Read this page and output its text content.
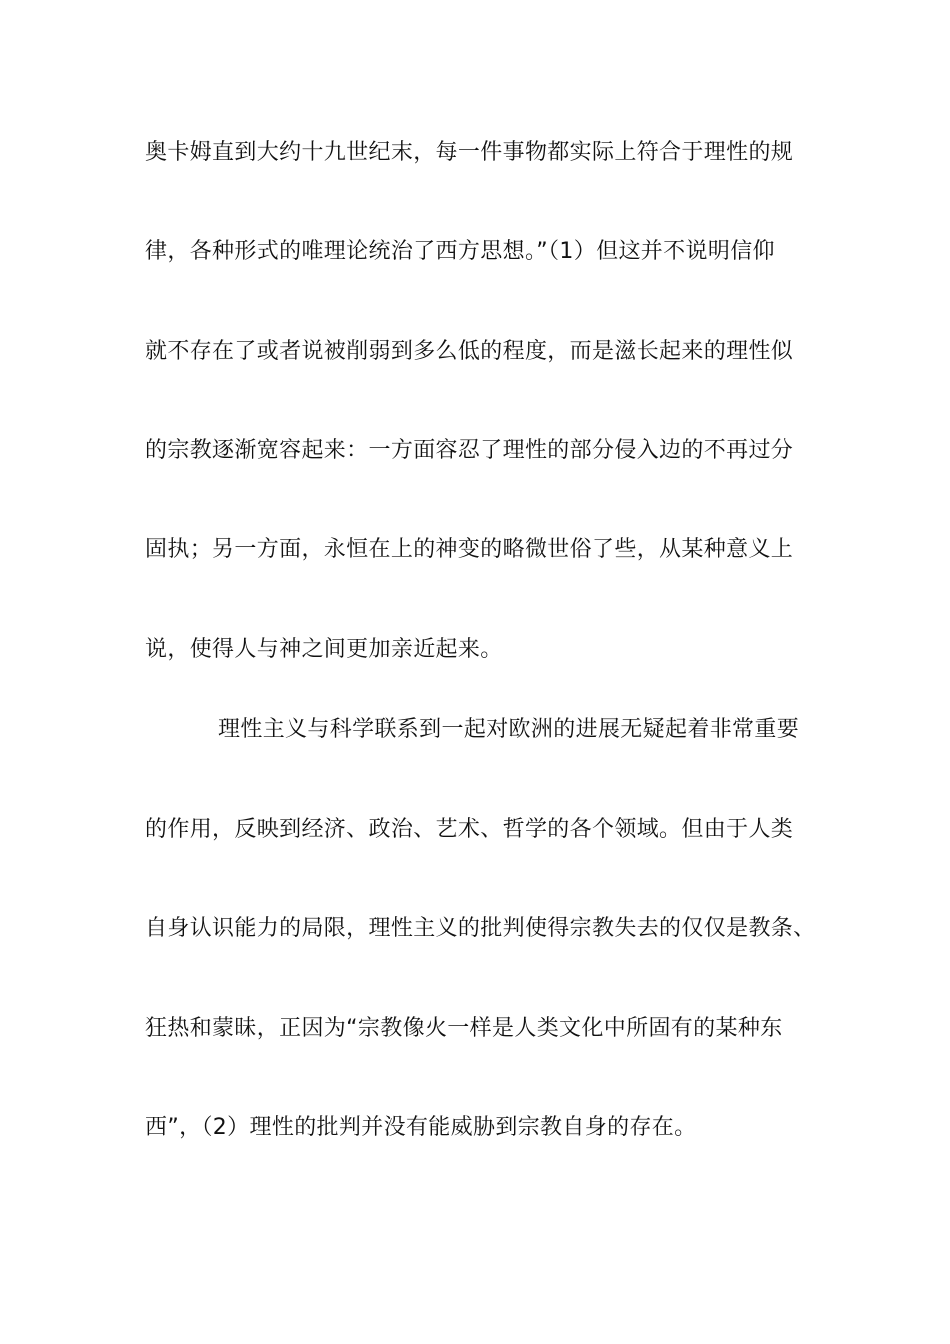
奥卡姆直到大约十九世纪末，每一件事物都实际上符合于理性的规
律，各种形式的唯理论统治了西方思想。”（1）但这并不说明信仰
就不存在了或者说被削弱到多么低的程度，而是滋长起来的理性似
的宗教逐渐宽容起来：一方面容忍了理性的部分侵入边的不再过分
固执；另一方面，永恒在上的神变的略微世俗了些，从某种意义上
说，使得人与神之间更加亲近起来。
理性主义与科学联系到一起对欧洲的进展无疑起着非常重要
的作用，反映到经济、政治、艺术、哲学的各个领域。但由于人类
自身认识能力的局限，理性主义的批判使得宗教失去的仅仅是教条、
狂热和蒙昧，正因为“宗教像火一样是人类文化中所固有的某种东
西”，（2）理性的批判并没有能威胁到宗教自身的存在。
